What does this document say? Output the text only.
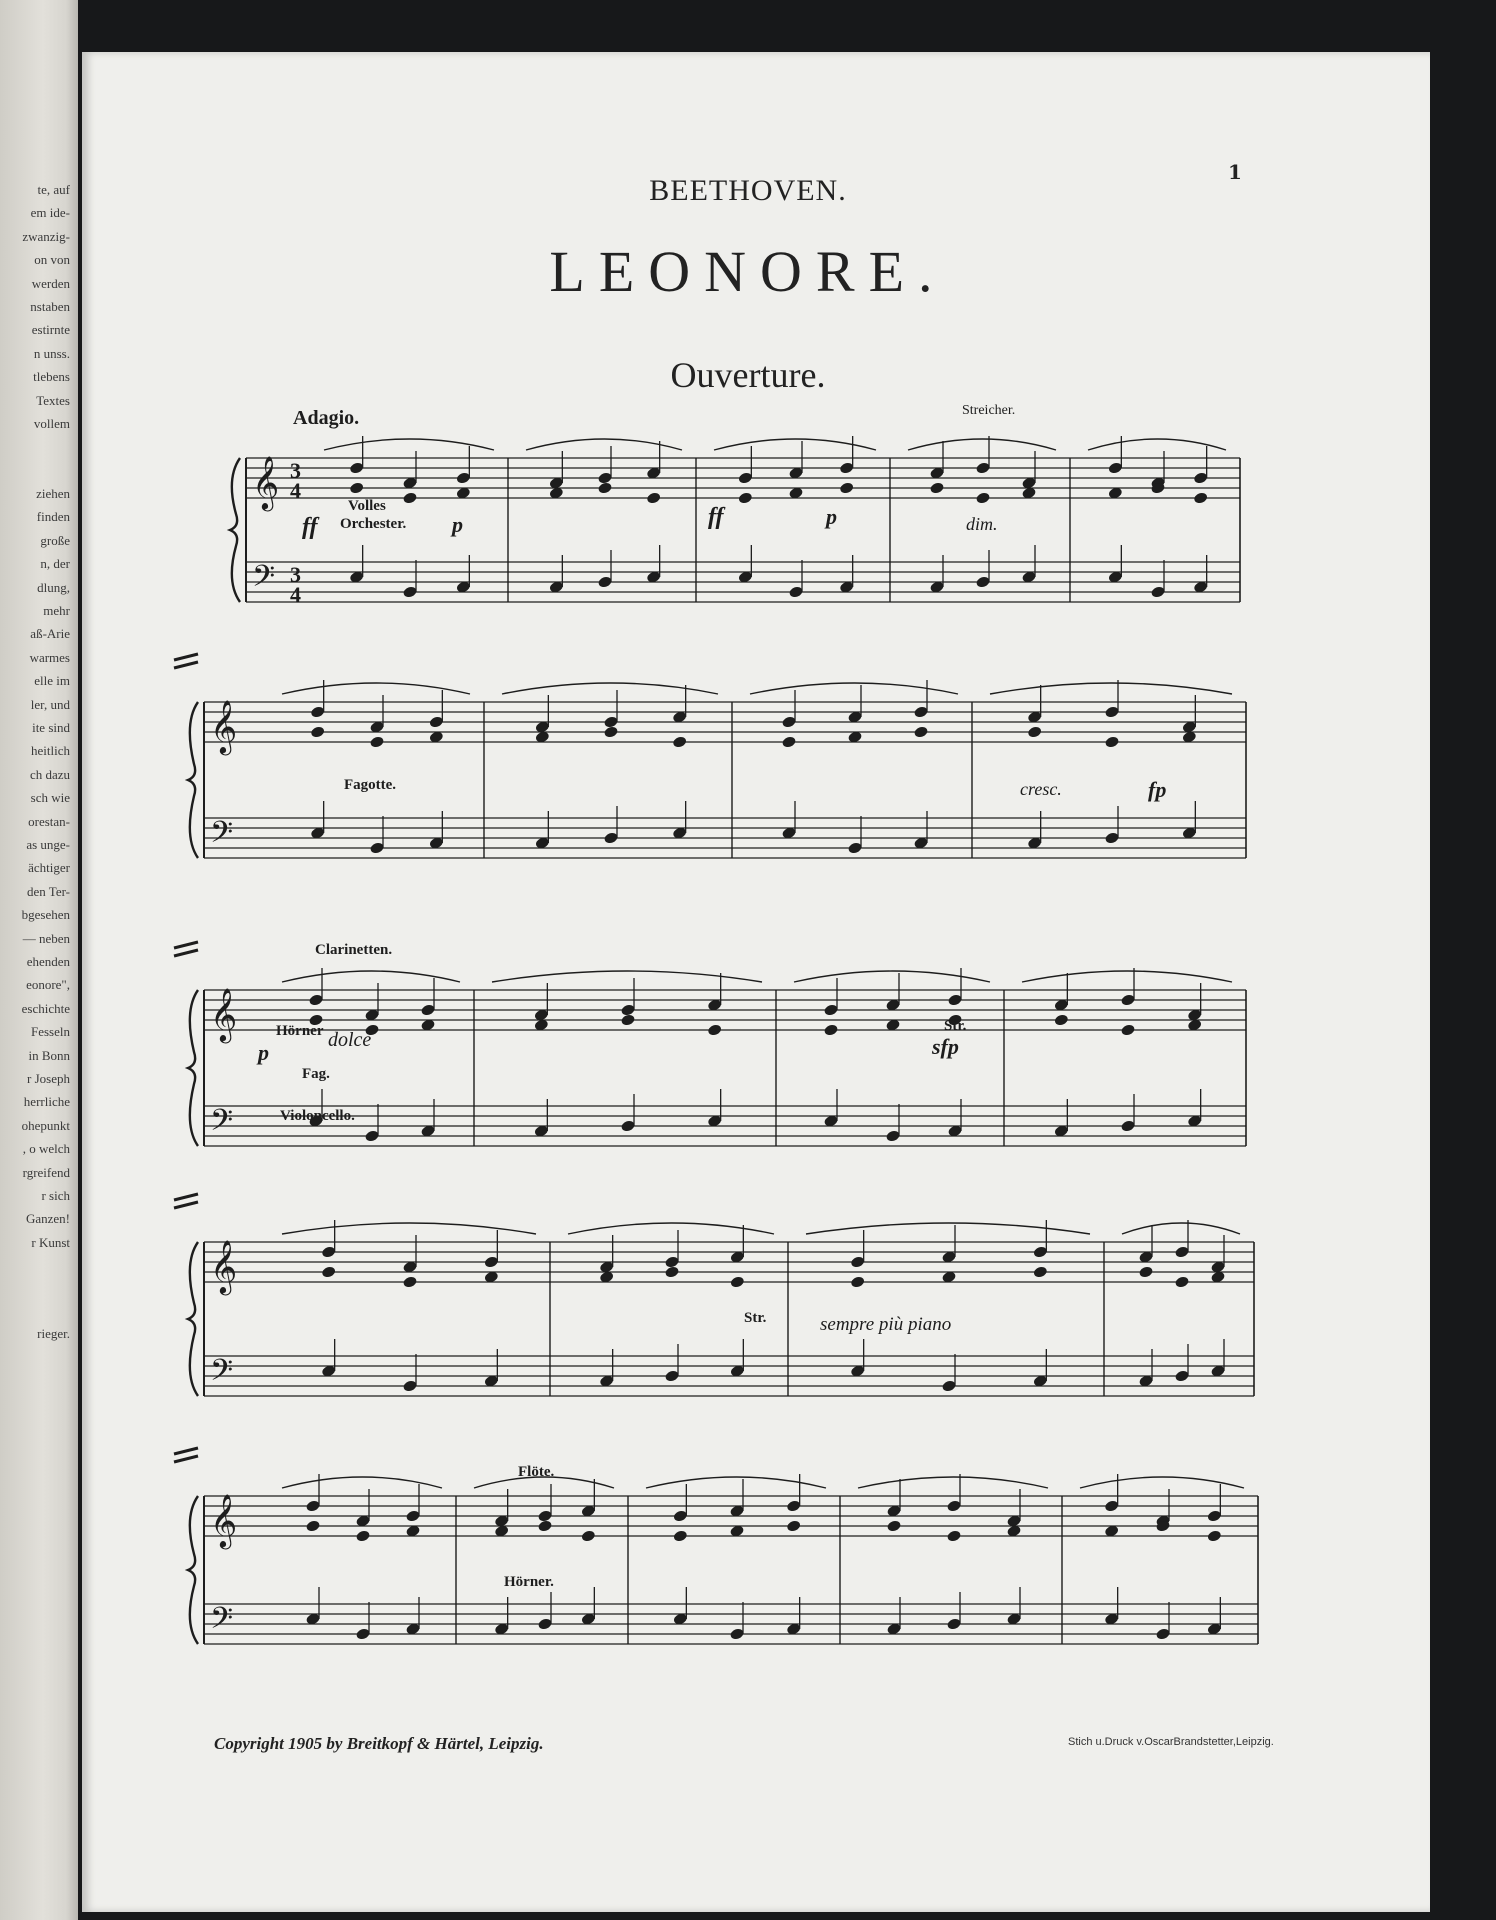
te, auf
em ide-
zwanzig-
on von
werden
nstaben
estirnte
n unss.
tlebens
Textes
vollem
ziehen
finden
große
n, der
dlung,
mehr
aß-Arie
warmes
elle im
ler, und
ite sind
heitlich
ch dazu
sch wie
orestan-
as unge-
ächtiger
den Ter-
bgesehen
— neben
ehenden
eonore",
eschichte
Fesseln
in Bonn
r Joseph
herrliche
ohepunkt
, o welch
rgreifend
r sich
Ganzen!
r Kunst
rieger.
1
BEETHOVEN.
LEONORE.
Ouverture.
𝄞
𝄢
𝄞
𝄢
𝄞
𝄢
𝄞
𝄢
𝄞
𝄢
3
4
3
4
Adagio.	Streicher.
Volles
Orchester.
ff	p	ff	p	dim.
Fagotte.	cresc.	fp
Clarinetten.
Hörner dolce
p
Fag.
Violoncello.
Str.
sfp
Str.	sempre più piano
Flöte.
Hörner.
Copyright 1905 by Breitkopf & Härtel, Leipzig.	Stich u.Druck v.OscarBrandstetter,Leipzig.
